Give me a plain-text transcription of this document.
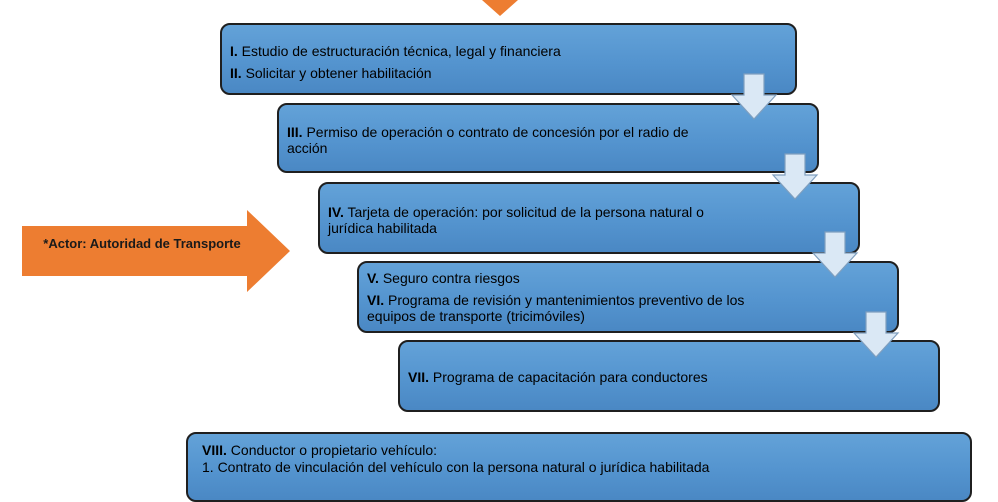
I. Estudio de estructuración técnica, legal y financiera

II. Solicitar y obtener habilitación

III. Permiso de operación o contrato de concesión por el radio de acción

IV. Tarjeta de operación: por solicitud de la persona natural o jurídica habilitada

V. Seguro contra riesgos

VI. Programa de revisión y mantenimientos preventivo de los equipos de transporte (tricimóviles)

VII. Programa de capacitación para conductores

VIII. Conductor o propietario vehículo:

1. Contrato de vinculación del vehículo con la persona natural o jurídica habilitada

*Actor: Autoridad de Transporte
